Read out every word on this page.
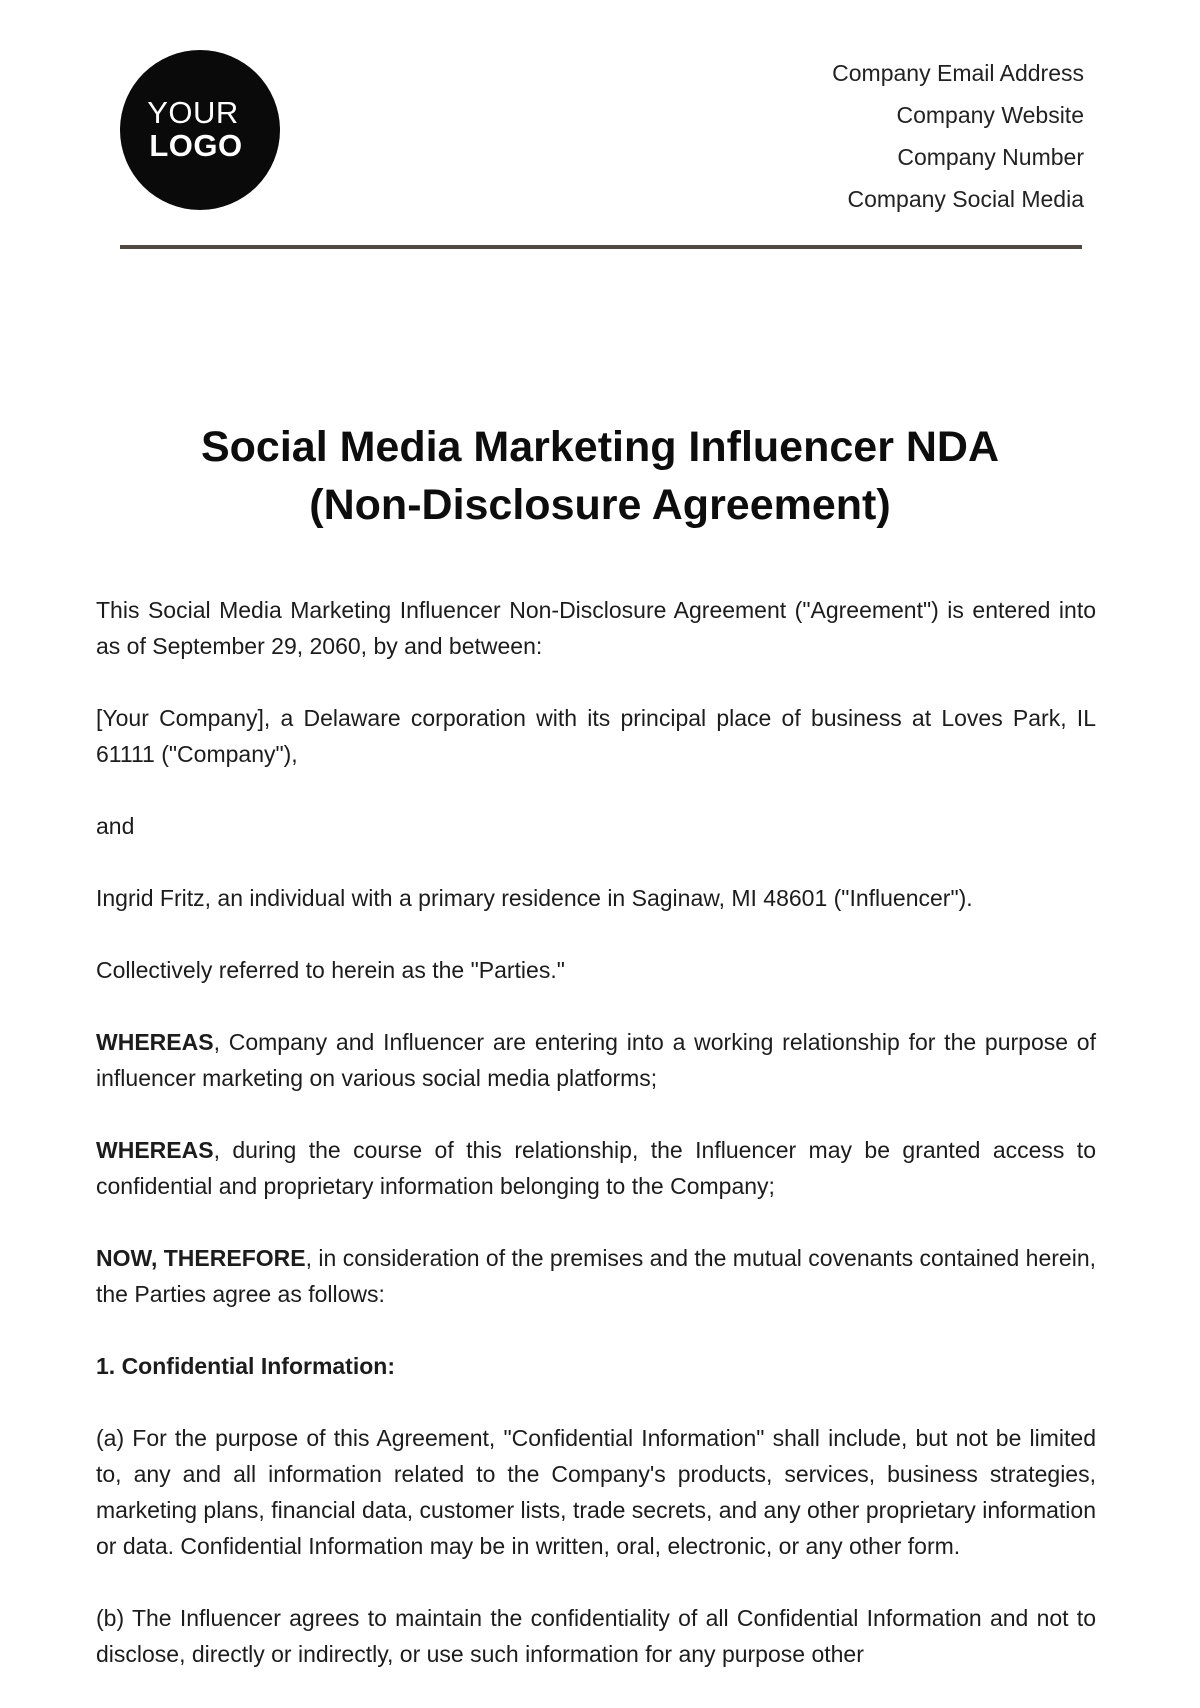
YOUR
LOGO
Company Email Address
Company Website
Company Number
Company Social Media
Social Media Marketing Influencer NDA
(Non-Disclosure Agreement)

This Social Media Marketing Influencer Non-Disclosure Agreement ("Agreement") is entered into as of September 29, 2060, by and between:

[Your Company], a Delaware corporation with its principal place of business at Loves Park, IL 61111 ("Company"),

and

Ingrid Fritz, an individual with a primary residence in Saginaw, MI 48601 ("Influencer").

Collectively referred to herein as the "Parties."

WHEREAS, Company and Influencer are entering into a working relationship for the purpose of influencer marketing on various social media platforms;

WHEREAS, during the course of this relationship, the Influencer may be granted access to confidential and proprietary information belonging to the Company;

NOW, THEREFORE, in consideration of the premises and the mutual covenants contained herein, the Parties agree as follows:

1. Confidential Information:

(a) For the purpose of this Agreement, "Confidential Information" shall include, but not be limited to, any and all information related to the Company's products, services, business strategies, marketing plans, financial data, customer lists, trade secrets, and any other proprietary information or data. Confidential Information may be in written, oral, electronic, or any other form.

(b) The Influencer agrees to maintain the confidentiality of all Confidential Information and not to disclose, directly or indirectly, or use such information for any purpose other
